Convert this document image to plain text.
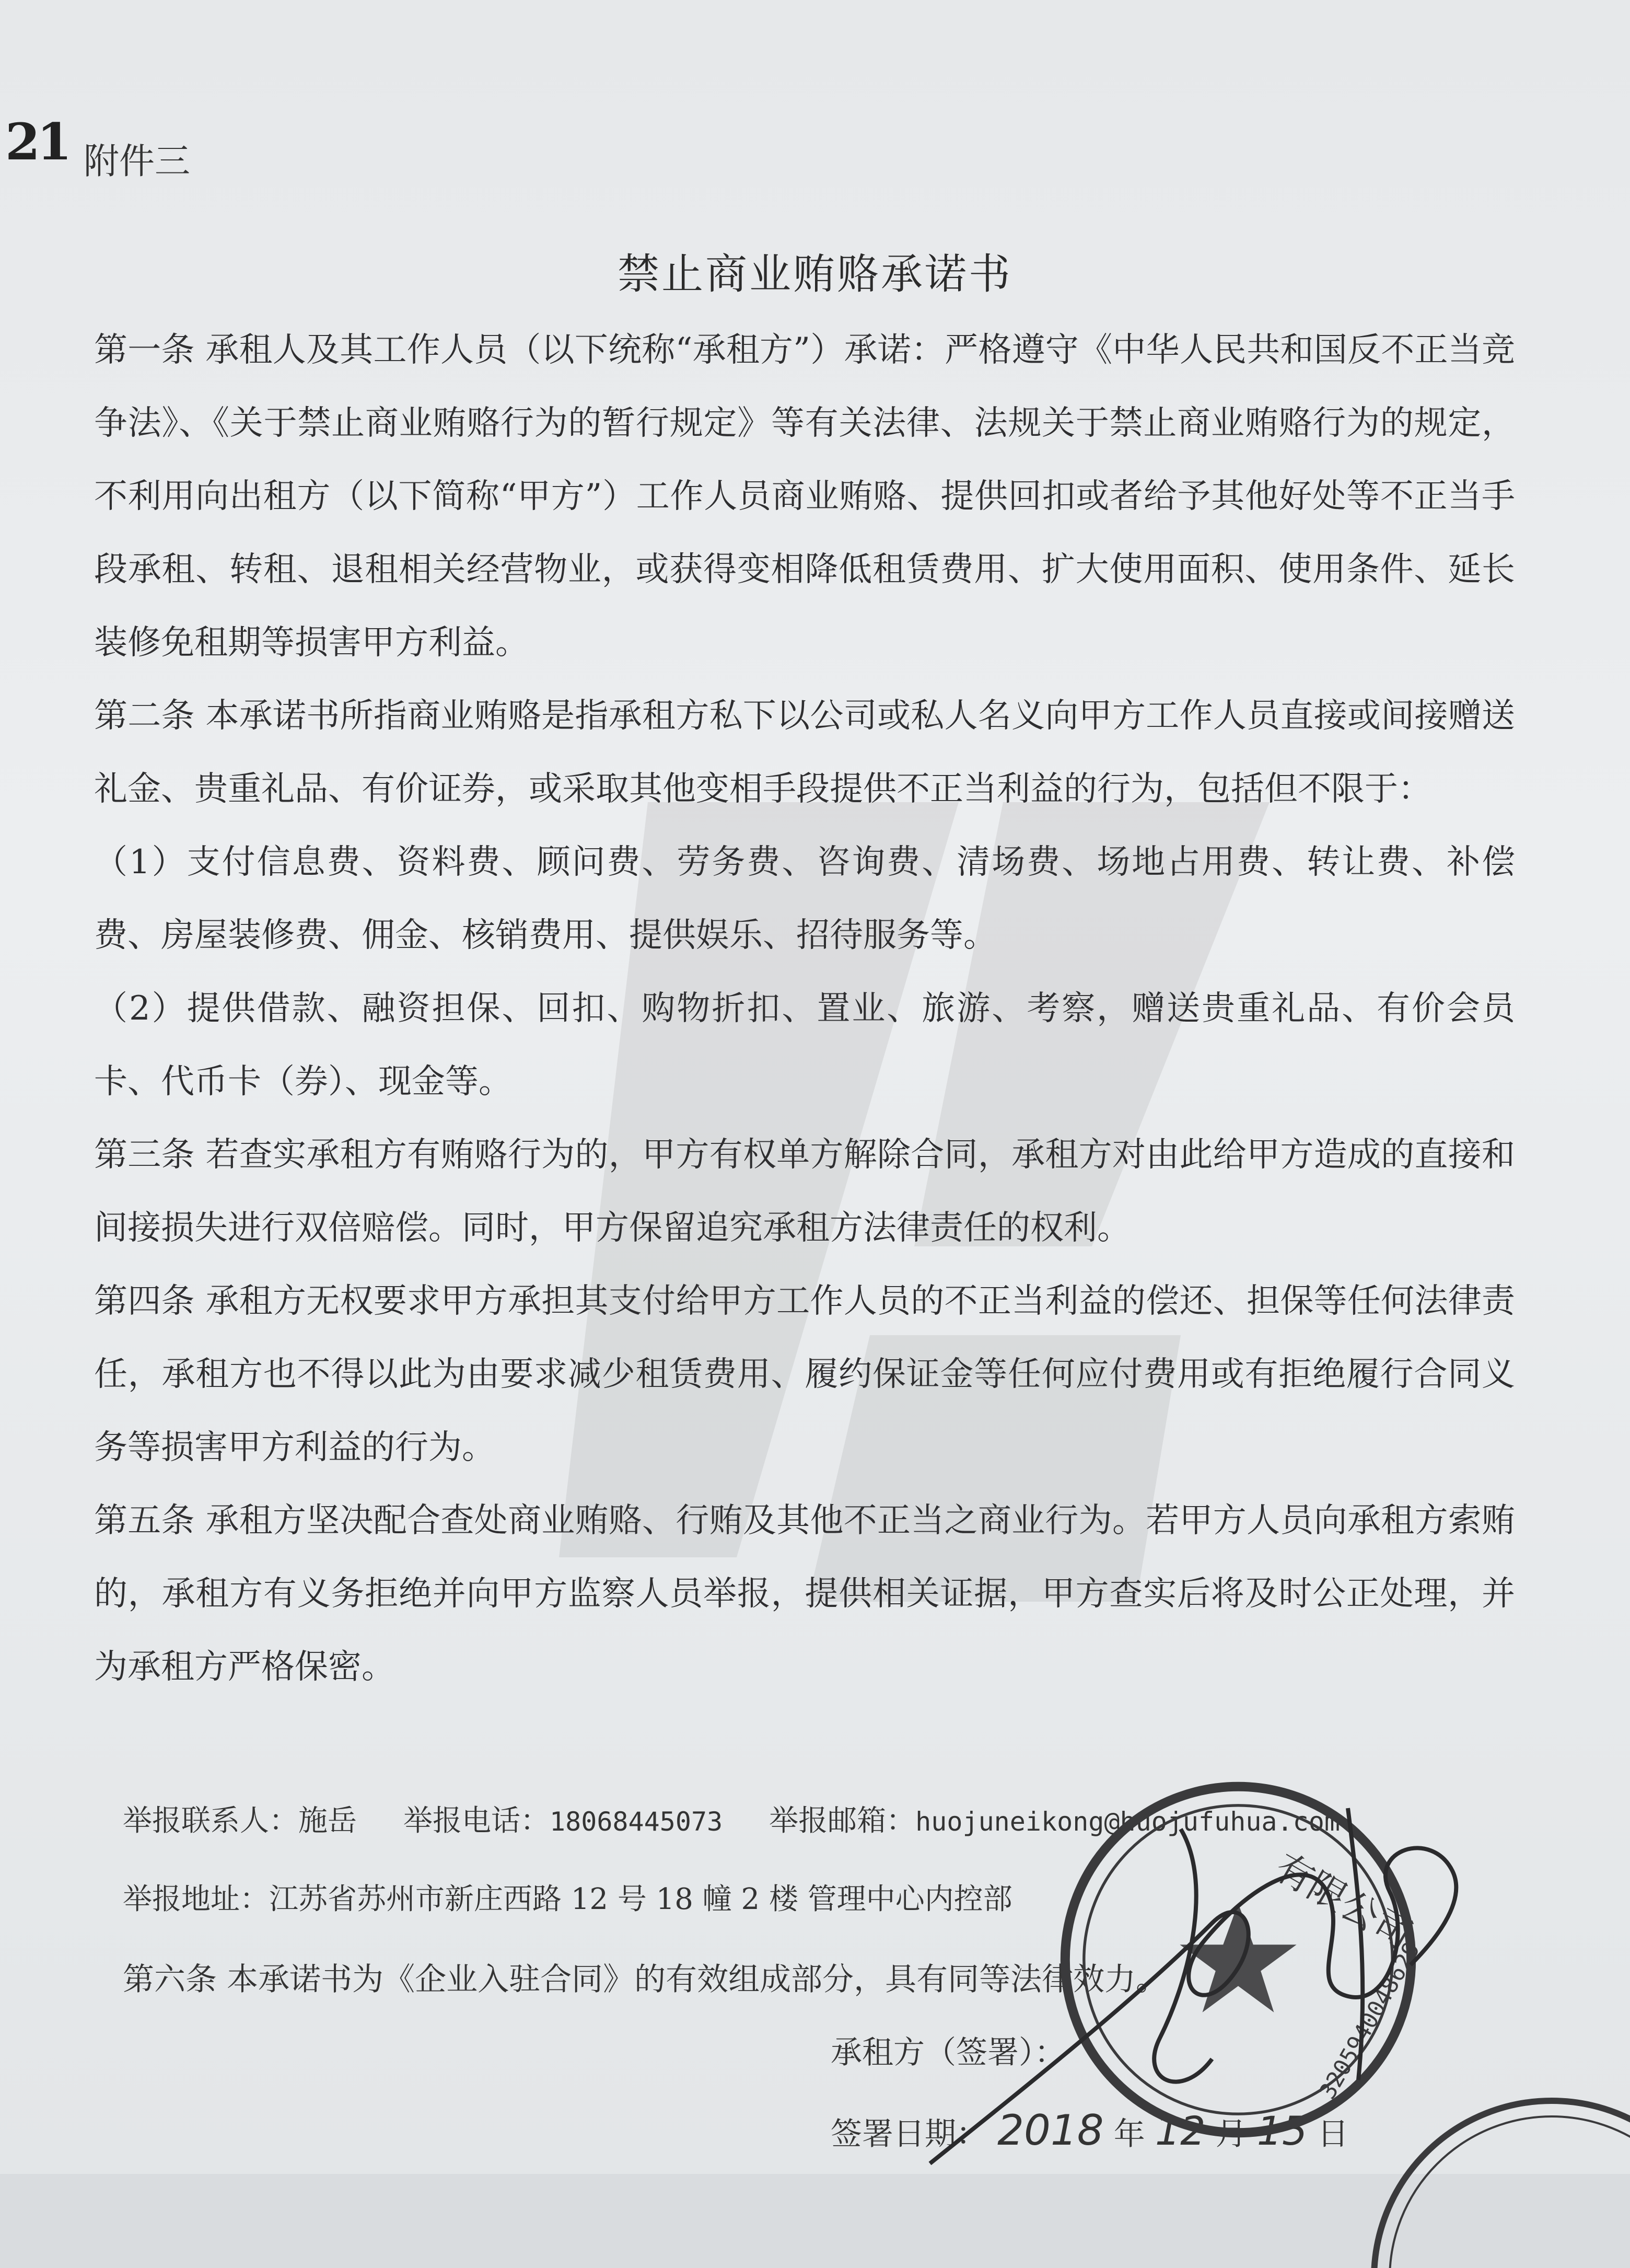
21 附件三
禁止商业贿赂承诺书

第一条 承租人及其工作人员（以下统称“承租方”）承诺：严格遵守《中华人民共和国反不正当竞争法》、《关于禁止商业贿赂行为的暂行规定》等有关法律、法规关于禁止商业贿赂行为的规定，不利用向出租方（以下简称“甲方”）工作人员商业贿赂、提供回扣或者给予其他好处等不正当手段承租、转租、退租相关经营物业，或获得变相降低租赁费用、扩大使用面积、使用条件、延长装修免租期等损害甲方利益。

第二条 本承诺书所指商业贿赂是指承租方私下以公司或私人名义向甲方工作人员直接或间接赠送礼金、贵重礼品、有价证券，或采取其他变相手段提供不正当利益的行为，包括但不限于：

（1）支付信息费、资料费、顾问费、劳务费、咨询费、清场费、场地占用费、转让费、补偿费、房屋装修费、佣金、核销费用、提供娱乐、招待服务等。

（2）提供借款、融资担保、回扣、购物折扣、置业、旅游、考察，赠送贵重礼品、有价会员卡、代币卡（券）、现金等。

第三条 若查实承租方有贿赂行为的，甲方有权单方解除合同，承租方对由此给甲方造成的直接和间接损失进行双倍赔偿。同时，甲方保留追究承租方法律责任的权利。

第四条 承租方无权要求甲方承担其支付给甲方工作人员的不正当利益的偿还、担保等任何法律责任，承租方也不得以此为由要求减少租赁费用、履约保证金等任何应付费用或有拒绝履行合同义务等损害甲方利益的行为。

第五条 承租方坚决配合查处商业贿赂、行贿及其他不正当之商业行为。若甲方人员向承租方索贿的，承租方有义务拒绝并向甲方监察人员举报，提供相关证据，甲方查实后将及时公正处理，并为承租方严格保密。

举报联系人：施岳 举报电话：18068445073 举报邮箱：huojuneikong@huojufuhua.com
举报地址：江苏省苏州市新庄西路 12 号 18 幢 2 楼 管理中心内控部
第六条 本承诺书为《企业入驻合同》的有效组成部分，具有同等法律效力。
承租方（签署）：
签署日期： 2018 年 12 月 15 日
有限公司
3205940048629
